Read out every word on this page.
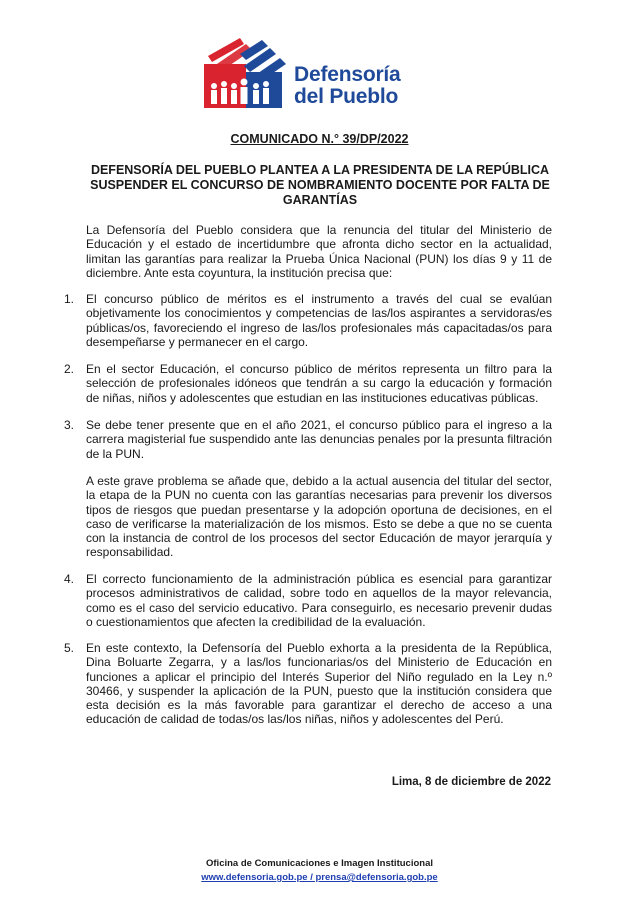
Defensoría
del Pueblo
COMUNICADO N.° 39/DP/2022
DEFENSORÍA DEL PUEBLO PLANTEA A LA PRESIDENTA DE LA REPÚBLICA SUSPENDER EL CONCURSO DE NOMBRAMIENTO DOCENTE POR FALTA DE GARANTÍAS
La Defensoría del Pueblo considera que la renuncia del titular del Ministerio de Educación y el estado de incertidumbre que afronta dicho sector en la actualidad, limitan las garantías para realizar la Prueba Única Nacional (PUN) los días 9 y 11 de diciembre. Ante esta coyuntura, la institución precisa que:
1. El concurso público de méritos es el instrumento a través del cual se evalúan objetivamente los conocimientos y competencias de las/los aspirantes a servidoras/es públicas/os, favoreciendo el ingreso de las/los profesionales más capacitadas/os para desempeñarse y permanecer en el cargo.
2. En el sector Educación, el concurso público de méritos representa un filtro para la selección de profesionales idóneos que tendrán a su cargo la educación y formación de niñas, niños y adolescentes que estudian en las instituciones educativas públicas.
3. Se debe tener presente que en el año 2021, el concurso público para el ingreso a la carrera magisterial fue suspendido ante las denuncias penales por la presunta filtración de la PUN.
A este grave problema se añade que, debido a la actual ausencia del titular del sector, la etapa de la PUN no cuenta con las garantías necesarias para prevenir los diversos tipos de riesgos que puedan presentarse y la adopción oportuna de decisiones, en el caso de verificarse la materialización de los mismos. Esto se debe a que no se cuenta con la instancia de control de los procesos del sector Educación de mayor jerarquía y responsabilidad.
4. El correcto funcionamiento de la administración pública es esencial para garantizar procesos administrativos de calidad, sobre todo en aquellos de la mayor relevancia, como es el caso del servicio educativo. Para conseguirlo, es necesario prevenir dudas o cuestionamientos que afecten la credibilidad de la evaluación.
5. En este contexto, la Defensoría del Pueblo exhorta a la presidenta de la República, Dina Boluarte Zegarra, y a las/los funcionarias/os del Ministerio de Educación en funciones a aplicar el principio del Interés Superior del Niño regulado en la Ley n.º 30466, y suspender la aplicación de la PUN, puesto que la institución considera que esta decisión es la más favorable para garantizar el derecho de acceso a una educación de calidad de todas/os las/los niñas, niños y adolescentes del Perú.
Lima, 8 de diciembre de 2022
Oficina de Comunicaciones e Imagen Institucional
www.defensoria.gob.pe / prensa@defensoria.gob.pe
